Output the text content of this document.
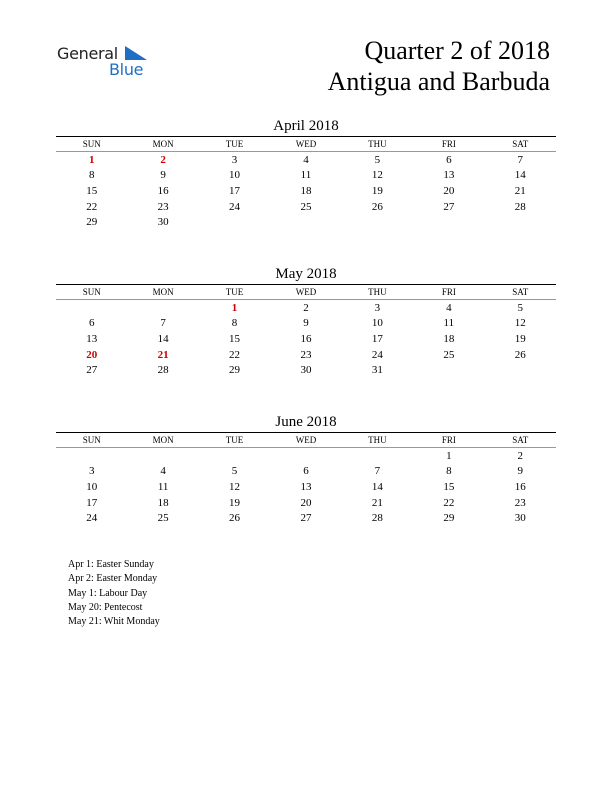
General
Blue
Quarter 2 of 2018
Antigua and Barbuda
April 2018
SUN	MON	TUE	WED	THU	FRI	SAT
1	2	3	4	5	6	7
8	9	10	11	12	13	14
15	16	17	18	19	20	21
22	23	24	25	26	27	28
29	30					
May 2018
SUN	MON	TUE	WED	THU	FRI	SAT
		1	2	3	4	5
6	7	8	9	10	11	12
13	14	15	16	17	18	19
20	21	22	23	24	25	26
27	28	29	30	31		
June 2018
SUN	MON	TUE	WED	THU	FRI	SAT
					1	2
3	4	5	6	7	8	9
10	11	12	13	14	15	16
17	18	19	20	21	22	23
24	25	26	27	28	29	30
Apr 1: Easter Sunday
Apr 2: Easter Monday
May 1: Labour Day
May 20: Pentecost
May 21: Whit Monday
